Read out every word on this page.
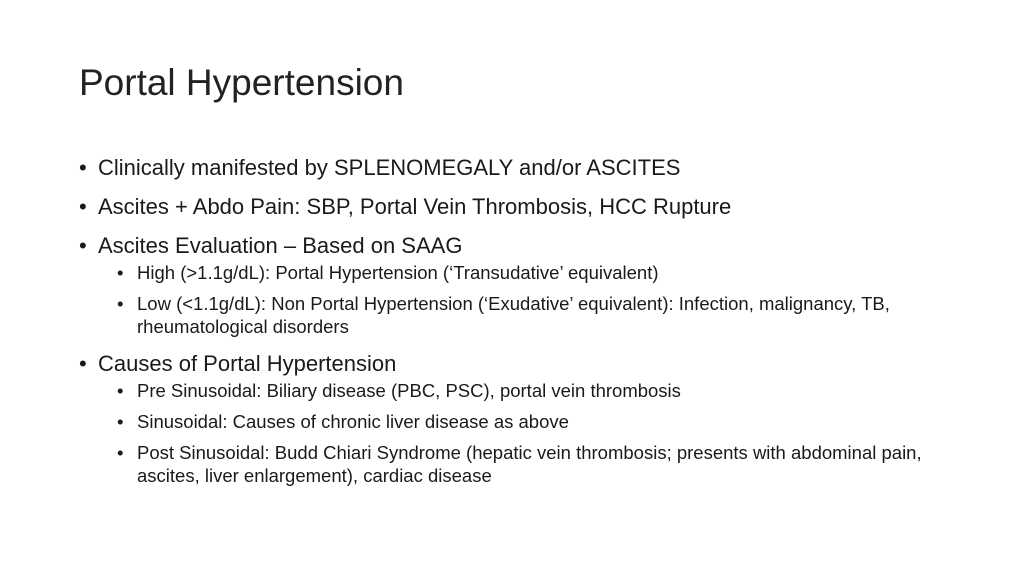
Portal Hypertension
• Clinically manifested by SPLENOMEGALY and/or ASCITES
• Ascites + Abdo Pain: SBP, Portal Vein Thrombosis, HCC Rupture
• Ascites Evaluation – Based on SAAG
• High (>1.1g/dL): Portal Hypertension (‘Transudative’ equivalent)
• Low (<1.1g/dL): Non Portal Hypertension (‘Exudative’ equivalent): Infection, malignancy, TB, rheumatological disorders
• Causes of Portal Hypertension
• Pre Sinusoidal: Biliary disease (PBC, PSC), portal vein thrombosis
• Sinusoidal: Causes of chronic liver disease as above
• Post Sinusoidal: Budd Chiari Syndrome (hepatic vein thrombosis; presents with abdominal pain, ascites, liver enlargement), cardiac disease
